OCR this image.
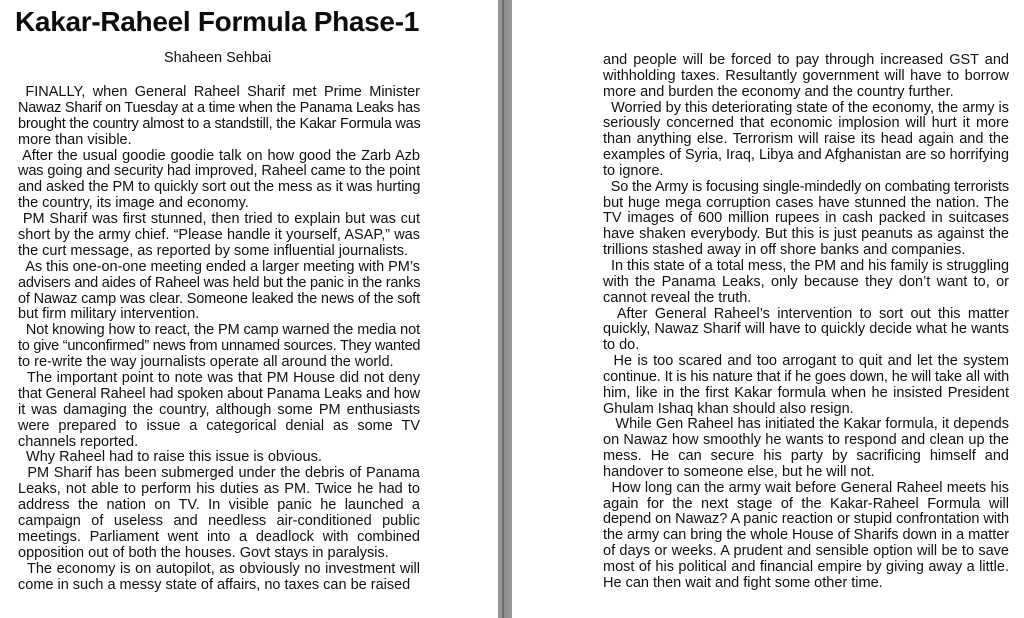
Kakar-Raheel Formula Phase-1
Shaheen Sehbai
FINALLY, when General Raheel Sharif met Prime Minister
Nawaz Sharif on Tuesday at a time when the Panama Leaks has
brought the country almost to a standstill, the Kakar Formula was
more than visible.
After the usual goodie goodie talk on how good the Zarb Azb
was going and security had improved, Raheel came to the point
and asked the PM to quickly sort out the mess as it was hurting
the country, its image and economy.
PM Sharif was first stunned, then tried to explain but was cut
short by the army chief. “Please handle it yourself, ASAP,” was
the curt message, as reported by some influential journalists.
As this one-on-one meeting ended a larger meeting with PM’s
advisers and aides of Raheel was held but the panic in the ranks
of Nawaz camp was clear. Someone leaked the news of the soft
but firm military intervention.
Not knowing how to react, the PM camp warned the media not
to give “unconfirmed” news from unnamed sources. They wanted
to re-write the way journalists operate all around the world.
The important point to note was that PM House did not deny
that General Raheel had spoken about Panama Leaks and how
it was damaging the country, although some PM enthusiasts
were prepared to issue a categorical denial as some TV
channels reported.
Why Raheel had to raise this issue is obvious.
PM Sharif has been submerged under the debris of Panama
Leaks, not able to perform his duties as PM. Twice he had to
address the nation on TV. In visible panic he launched a
campaign of useless and needless air-conditioned public
meetings. Parliament went into a deadlock with combined
opposition out of both the houses. Govt stays in paralysis.
The economy is on autopilot, as obviously no investment will
come in such a messy state of affairs, no taxes can be raised
and people will be forced to pay through increased GST and
withholding taxes. Resultantly government will have to borrow
more and burden the economy and the country further.
Worried by this deteriorating state of the economy, the army is
seriously concerned that economic implosion will hurt it more
than anything else. Terrorism will raise its head again and the
examples of Syria, Iraq, Libya and Afghanistan are so horrifying
to ignore.
So the Army is focusing single-mindedly on combating terrorists
but huge mega corruption cases have stunned the nation. The
TV images of 600 million rupees in cash packed in suitcases
have shaken everybody. But this is just peanuts as against the
trillions stashed away in off shore banks and companies.
In this state of a total mess, the PM and his family is struggling
with the Panama Leaks, only because they don’t want to, or
cannot reveal the truth.
After General Raheel’s intervention to sort out this matter
quickly, Nawaz Sharif will have to quickly decide what he wants
to do.
He is too scared and too arrogant to quit and let the system
continue. It is his nature that if he goes down, he will take all with
him, like in the first Kakar formula when he insisted President
Ghulam Ishaq khan should also resign.
While Gen Raheel has initiated the Kakar formula, it depends
on Nawaz how smoothly he wants to respond and clean up the
mess. He can secure his party by sacrificing himself and
handover to someone else, but he will not.
How long can the army wait before General Raheel meets his
again for the next stage of the Kakar-Raheel Formula will
depend on Nawaz? A panic reaction or stupid confrontation with
the army can bring the whole House of Sharifs down in a matter
of days or weeks. A prudent and sensible option will be to save
most of his political and financial empire by giving away a little.
He can then wait and fight some other time.
